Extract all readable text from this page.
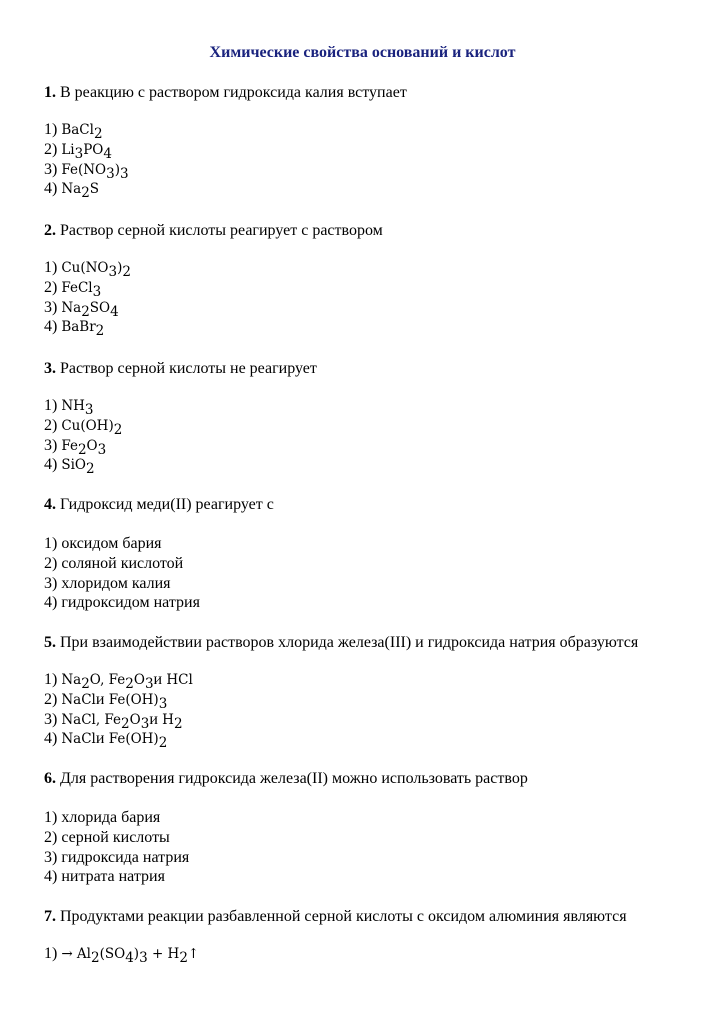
Химические свойства оснований и кислот
1. В реакцию с раствором гидроксида калия вступает
1) BaCl$_2$
2) $Li_3PO_4$
3) $Fe(NO_3)_3$
4) $Na_2S$
2. Раствор серной кислоты реагирует с раствором
1) $Cu(NO_3)_2$
2) FeCl$_3$
3) $Na_2SO_4$
4) BaBr$_2$
3. Раствор серной кислоты не реагирует
1) $NH_3$
2) $Cu(OH)_2$
3) $Fe_2O_3$
4) SiO$_2$
4. Гидроксид меди(II) реагирует с
1) оксидом бария
2) соляной кислотой
3) хлоридом калия
4) гидроксидом натрия
5. При взаимодействии растворов хлорида железа(III) и гидроксида натрия образуются
1) $Na_2O$, $Fe_2O_3и$ HCl
2) NaClи $Fe(OH)_3$
3) NaCl, $Fe_2O_3и$ $H_2$
4) NaClи $Fe(OH)_2$
6. Для растворения гидроксида железа(II) можно использовать раствор
1) хлорида бария
2) серной кислоты
3) гидроксида натрия
4) нитрата натрия
7. Продуктами реакции разбавленной серной кислоты с оксидом алюминия являются
$1) \to Al_2(SO_4)_3$ + $H_2↑$
